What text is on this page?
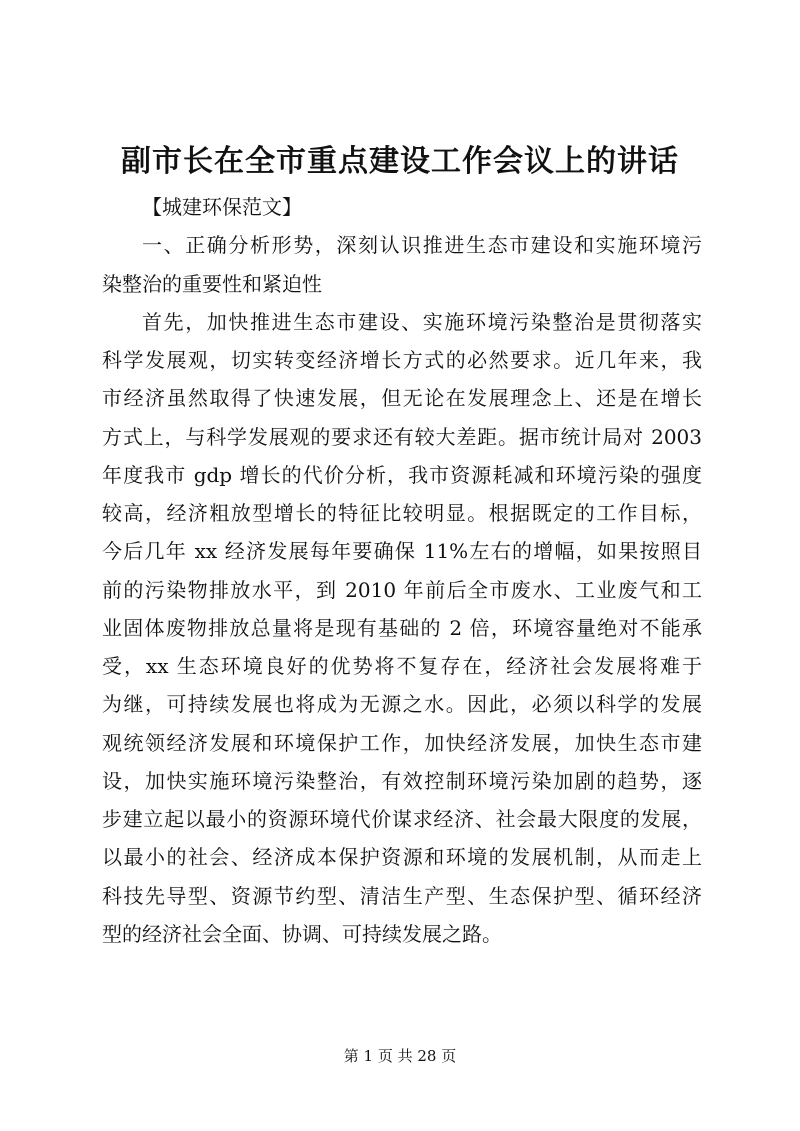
副市长在全市重点建设工作会议上的讲话
【城建环保范文】
一、正确分析形势，深刻认识推进生态市建设和实施环境污
染整治的重要性和紧迫性
首先，加快推进生态市建设、实施环境污染整治是贯彻落实
科学发展观，切实转变经济增长方式的必然要求。近几年来，我
市经济虽然取得了快速发展，但无论在发展理念上、还是在增长
方式上，与科学发展观的要求还有较大差距。据市统计局对 2003
年度我市 gdp 增长的代价分析，我市资源耗减和环境污染的强度
较高，经济粗放型增长的特征比较明显。根据既定的工作目标，
今后几年 xx 经济发展每年要确保 11%左右的增幅，如果按照目
前的污染物排放水平，到 2010 年前后全市废水、工业废气和工
业固体废物排放总量将是现有基础的 2 倍，环境容量绝对不能承
受，xx 生态环境良好的优势将不复存在，经济社会发展将难于
为继，可持续发展也将成为无源之水。因此，必须以科学的发展
观统领经济发展和环境保护工作，加快经济发展，加快生态市建
设，加快实施环境污染整治，有效控制环境污染加剧的趋势，逐
步建立起以最小的资源环境代价谋求经济、社会最大限度的发展，
以最小的社会、经济成本保护资源和环境的发展机制，从而走上
科技先导型、资源节约型、清洁生产型、生态保护型、循环经济
型的经济社会全面、协调、可持续发展之路。
第 1 页 共 28 页
